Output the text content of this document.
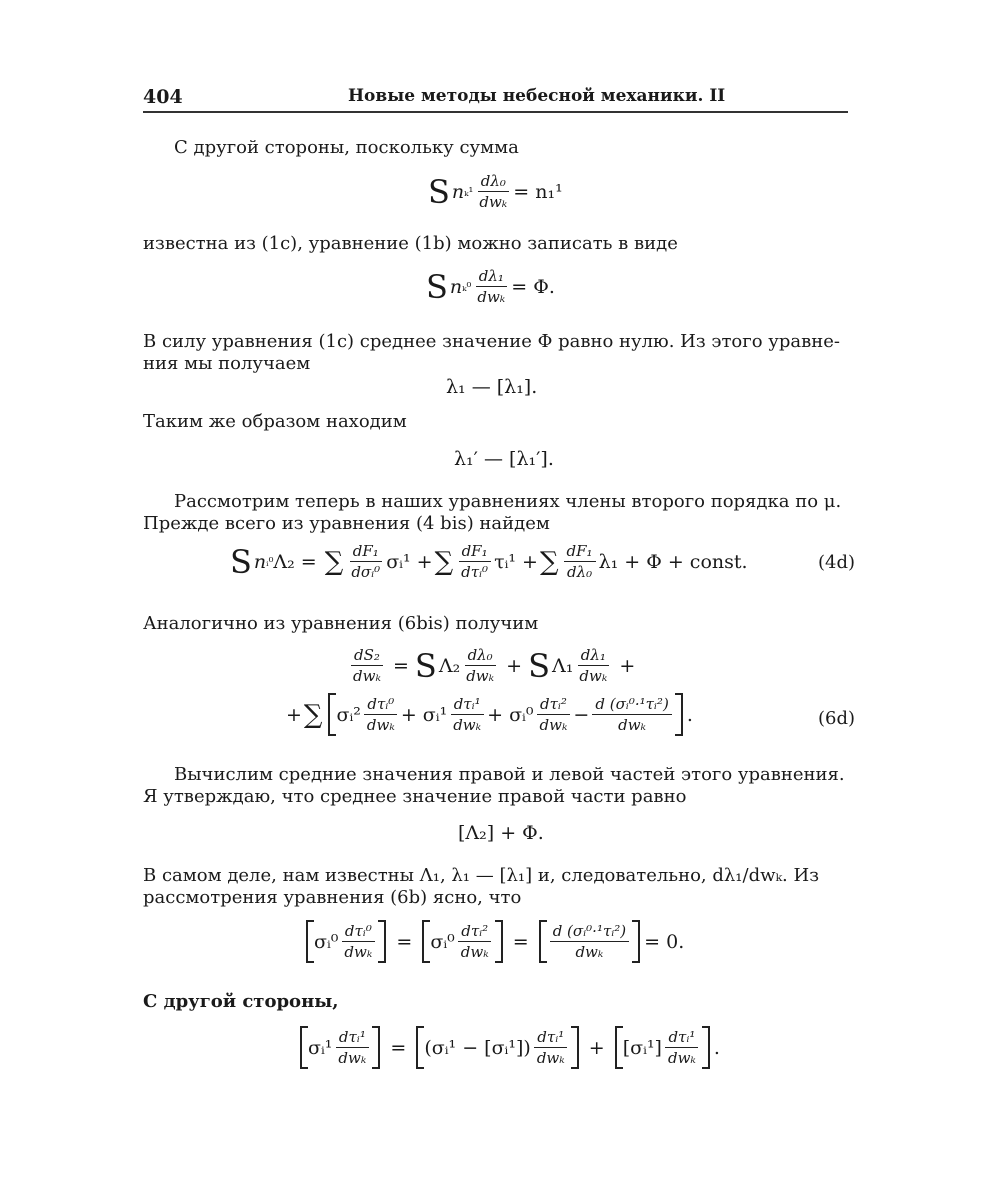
404	Новые методы небесной механики. II
С другой стороны, поскольку сумма
S n $_k^1 \frac{\text{dλ₀}}{\text{dwₖ}} = n_1^1$
известна из (1c), уравнение (1b) можно записать в виде
S n $_k^0 \frac{\text{dλ₁}}{\text{dwₖ}} = \Phi$.
В силу уравнения (1c) среднее значение Φ равно нулю. Из этого уравне-
ния мы получаем
λ₁ — [λ₁].
Таким же образом находим
λ₁′ — [λ₁′].
Рассмотрим теперь в наших уравнениях члены второго порядка по μ.
Прежде всего из уравнения (4 bis) найдем
S n ᵢ⁰ Λ₂ = ∑ $\frac{\text{dF₁}}{\text{dσᵢ⁰}}$ σᵢ¹ + ∑ $\frac{\text{dF₁}}{\text{dτᵢ⁰}}$ τᵢ¹ + ∑ $\frac{\text{dF₁}}{\text{dλ₀}} \lambda_1 + \Phi$ + const.	(4d)
Аналогично из уравнения (6bis) получим
$\frac{\text{dS₂}}{\text{dwₖ}} = S$ $\Lambda_2 \frac{\text{dλ₀}}{\text{dwₖ}} + S$ $\Lambda_1 \frac{\text{dλ₁}}{\text{dwₖ}}$ +
+ ∑ σᵢ² $\frac{\text{dτᵢ⁰}}{\text{dwₖ}}$ + σᵢ¹ $\frac{\text{dτᵢ¹}}{\text{dwₖ}}$ + σᵢ⁰ $\frac{\text{dτᵢ²}}{\text{dwₖ}} - \frac{\text{d (σᵢ⁰·¹τᵢ²)}}{\text{dwₖ}}$ .	(6d)
Вычислим средние значения правой и левой частей этого уравнения.
Я утверждаю, что среднее значение правой части равно
[Λ₂] + Φ.
В самом деле, нам известны Λ₁, λ₁ — [λ₁] и, следовательно, dλ₁/dwₖ. Из
рассмотрения уравнения (6b) ясно, что
σᵢ⁰ $\frac{\text{dτᵢ⁰}}{\text{dwₖ}}$ = σᵢ⁰ $\frac{\text{dτᵢ²}}{\text{dwₖ}} = \frac{\text{d (σᵢ⁰·¹τᵢ²)}}{\text{dwₖ}} = 0$.
С другой стороны,
σᵢ¹ $\frac{\text{dτᵢ¹}}{\text{dwₖ}}$ = (σᵢ¹ − [σᵢ¹]) $\frac{\text{dτᵢ¹}}{\text{dwₖ}}$ + [σᵢ¹] $\frac{\text{dτᵢ¹}}{\text{dwₖ}}$ .
